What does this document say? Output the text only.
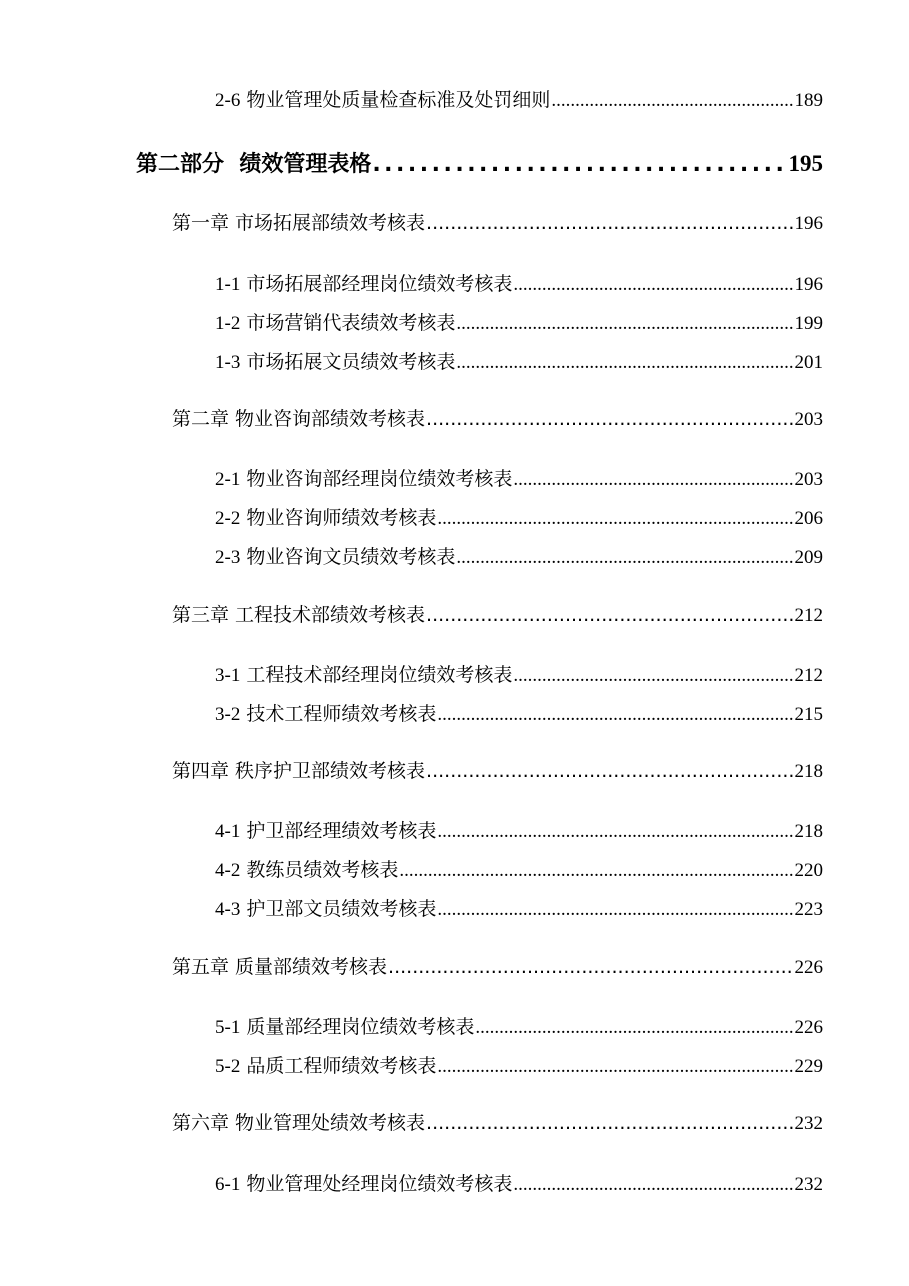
2-6 物业管理处质量检查标准及处罚细则 .....	189
第二部分  绩效管理表格 .....	195
第一章 市场拓展部绩效考核表 .....	196
1-1 市场拓展部经理岗位绩效考核表 .....	196
1-2 市场营销代表绩效考核表 .....	199
1-3 市场拓展文员绩效考核表 .....	201
第二章 物业咨询部绩效考核表 .....	203
2-1 物业咨询部经理岗位绩效考核表 .....	203
2-2 物业咨询师绩效考核表 .....	206
2-3 物业咨询文员绩效考核表 .....	209
第三章 工程技术部绩效考核表 .....	212
3-1 工程技术部经理岗位绩效考核表 .....	212
3-2 技术工程师绩效考核表 .....	215
第四章 秩序护卫部绩效考核表 .....	218
4-1 护卫部经理绩效考核表 .....	218
4-2 教练员绩效考核表 .....	220
4-3 护卫部文员绩效考核表 .....	223
第五章 质量部绩效考核表 .....	226
5-1 质量部经理岗位绩效考核表 .....	226
5-2 品质工程师绩效考核表 .....	229
第六章 物业管理处绩效考核表 .....	232
6-1 物业管理处经理岗位绩效考核表 .....	232
